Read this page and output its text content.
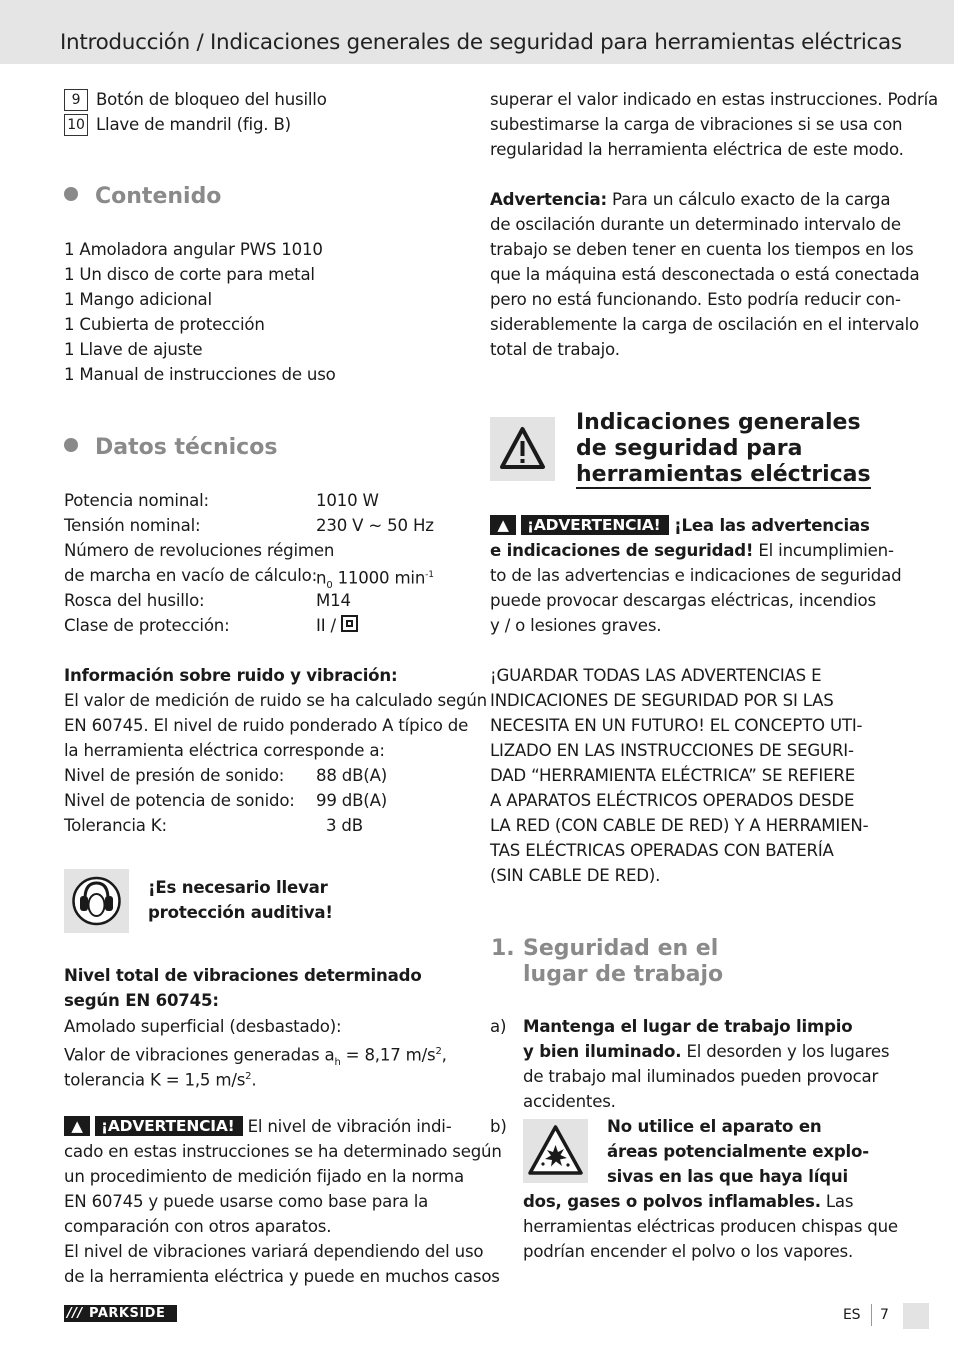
Introducción / Indicaciones generales de seguridad para herramientas eléctricas
9 Botón de bloqueo del husillo
10 Llave de mandril (fig. B)
Contenido
1 Amoladora angular PWS 1010
1 Un disco de corte para metal
1 Mango adicional
1 Cubierta de protección
1 Llave de ajuste
1 Manual de instrucciones de uso
Datos técnicos
Potencia nominal:	1010 W
Tensión nominal:	230 V ~ 50 Hz
Número de revoluciones régimen
de marcha en vacío de cálculo: $n_0$ 11000 $\min^{-1}$
Rosca del husillo:	M14
Clase de protección:	II /
Información sobre ruido y vibración:
El valor de medición de ruido se ha calculado según
EN 60745. El nivel de ruido ponderado A típico de
la herramienta eléctrica corresponde a:
Nivel de presión de sonido: 88 dB(A)
Nivel de potencia de sonido: 99 dB(A)
Tolerancia K:	3 dB
¡Es necesario llevar
protección auditiva!
Nivel total de vibraciones determinado
según EN 60745:
Amolado superficial (desbastado):
Valor de vibraciones generadas $a_h = 8,17$ $m/s^2$,
tolerancia K = 1,5 $m/s^2$.
▲ ¡ADVERTENCIA! El nivel de vibración indi-
cado en estas instrucciones se ha determinado según
un procedimiento de medición fijado en la norma
EN 60745 y puede usarse como base para la
comparación con otros aparatos.
El nivel de vibraciones variará dependiendo del uso
de la herramienta eléctrica y puede en muchos casos
superar el valor indicado en estas instrucciones. Podría
subestimarse la carga de vibraciones si se usa con
regularidad la herramienta eléctrica de este modo.
Advertencia: Para un cálculo exacto de la carga
de oscilación durante un determinado intervalo de
trabajo se deben tener en cuenta los tiempos en los
que la máquina está desconectada o está conectada
pero no está funcionando. Esto podría reducir con-
siderablemente la carga de oscilación en el intervalo
total de trabajo.
Indicaciones generales
de seguridad para
herramientas eléctricas
▲ ¡ADVERTENCIA! ¡Lea las advertencias
e indicaciones de seguridad! El incumplimien-
to de las advertencias e indicaciones de seguridad
puede provocar descargas eléctricas, incendios
y / o lesiones graves.
¡GUARDAR TODAS LAS ADVERTENCIAS E
INDICACIONES DE SEGURIDAD POR SI LAS
NECESITA EN UN FUTURO! EL CONCEPTO UTI-
LIZADO EN LAS INSTRUCCIONES DE SEGURI-
DAD “HERRAMIENTA ELÉCTRICA” SE REFIERE
A APARATOS ELÉCTRICOS OPERADOS DESDE
LA RED (CON CABLE DE RED) Y A HERRAMIEN-
TAS ELÉCTRICAS OPERADAS CON BATERÍA
(SIN CABLE DE RED).
1. Seguridad en el
lugar de trabajo
a) Mantenga el lugar de trabajo limpio
y bien iluminado. El desorden y los lugares
de trabajo mal iluminados pueden provocar
accidentes.
b)	No utilice el aparato en
áreas potencialmente explo-
sivas en las que haya líqui
dos, gases o polvos inflamables. Las
herramientas eléctricas producen chispas que
podrían encender el polvo o los vapores.
/// PARKSIDE	ES 7
